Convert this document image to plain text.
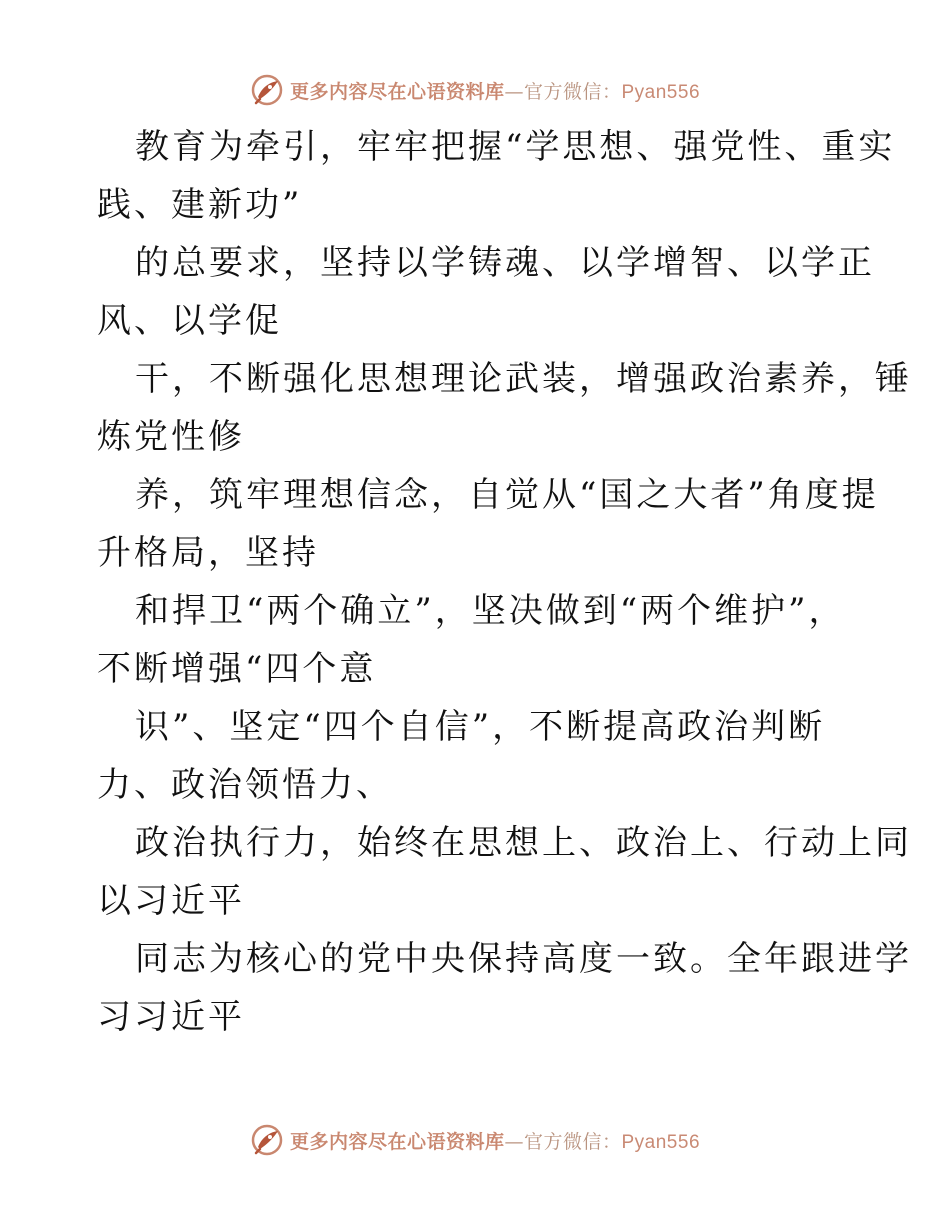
更多内容尽在心语资料库—官方微信：Pyan556

教育为牵引，牢牢把握“学思想、强党性、重实
践、建新功”

的总要求，坚持以学铸魂、以学增智、以学正
风、以学促

干，不断强化思想理论武装，增强政治素养，锤
炼党性修

养，筑牢理想信念，自觉从“国之大者”角度提
升格局，坚持

和捍卫“两个确立”，坚决做到“两个维护”，
不断增强“四个意

识”、坚定“四个自信”，不断提高政治判断
力、政治领悟力、

政治执行力，始终在思想上、政治上、行动上同
以习近平

同志为核心的党中央保持高度一致。全年跟进学
习习近平

更多内容尽在心语资料库—官方微信：Pyan556
